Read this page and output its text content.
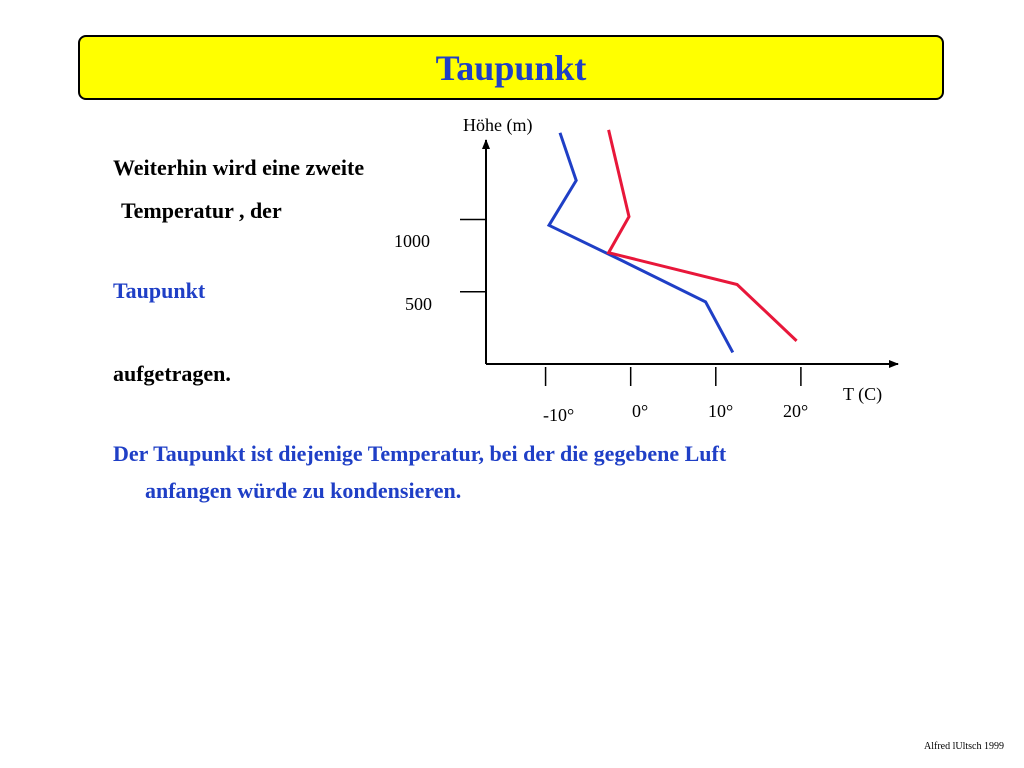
Taupunkt
Weiterhin wird eine zweite
Temperatur , der
Taupunkt
aufgetragen.
Der Taupunkt ist diejenige Temperatur, bei der die gegebene Luft
anfangen würde zu kondensieren.
Höhe (m)
T (C)
1000
500
-10°	0°	10°	20°
Alfred lUltsch 1999
